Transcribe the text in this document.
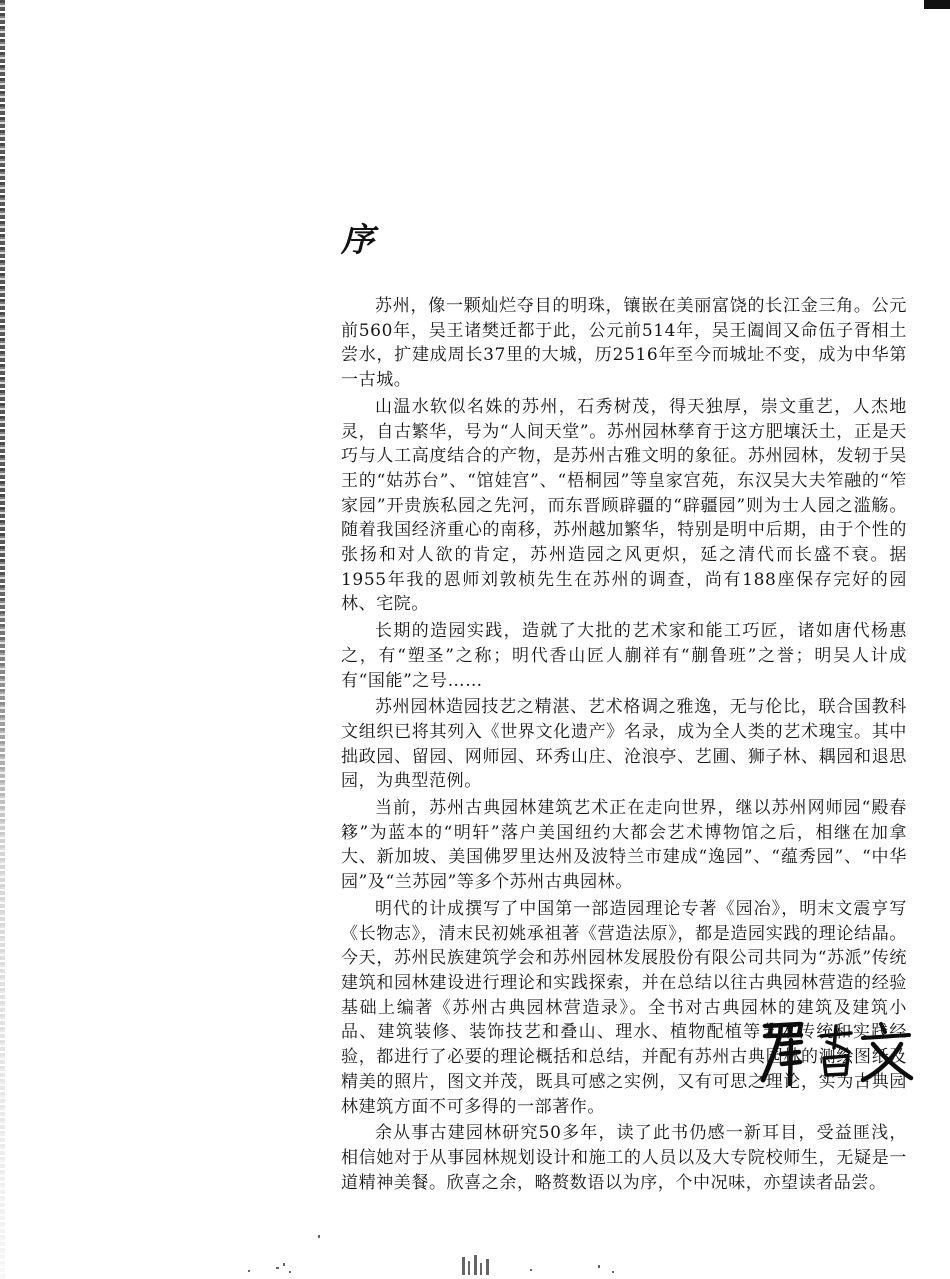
序

苏州，像一颗灿烂夺目的明珠，镶嵌在美丽富饶的长江金三角。公元前560年，吴王诸樊迁都于此，公元前514年，吴王阖闾又命伍子胥相土尝水，扩建成周长37里的大城，历2516年至今而城址不变，成为中华第一古城。

山温水软似名姝的苏州，石秀树茂，得天独厚，崇文重艺，人杰地灵，自古繁华，号为“人间天堂”。苏州园林孳育于这方肥壤沃土，正是天巧与人工高度结合的产物，是苏州古雅文明的象征。苏州园林，发轫于吴王的“姑苏台”、“馆娃宫”、“梧桐园”等皇家宫苑，东汉吴大夫笮融的“笮家园”开贵族私园之先河，而东晋顾辟疆的“辟疆园”则为士人园之滥觞。随着我国经济重心的南移，苏州越加繁华，特别是明中后期，由于个性的张扬和对人欲的肯定，苏州造园之风更炽，延之清代而长盛不衰。据1955年我的恩师刘敦桢先生在苏州的调查，尚有188座保存完好的园林、宅院。

长期的造园实践，造就了大批的艺术家和能工巧匠，诸如唐代杨惠之，有“塑圣”之称；明代香山匠人蒯祥有“蒯鲁班”之誉；明吴人计成有“国能”之号……

苏州园林造园技艺之精湛、艺术格调之雅逸，无与伦比，联合国教科文组织已将其列入《世界文化遗产》名录，成为全人类的艺术瑰宝。其中拙政园、留园、网师园、环秀山庄、沧浪亭、艺圃、狮子林、耦园和退思园，为典型范例。

当前，苏州古典园林建筑艺术正在走向世界，继以苏州网师园“殿春簃”为蓝本的“明轩”落户美国纽约大都会艺术博物馆之后，相继在加拿大、新加坡、美国佛罗里达州及波特兰市建成“逸园”、“蕴秀园”、“中华园”及“兰苏园”等多个苏州古典园林。

明代的计成撰写了中国第一部造园理论专著《园冶》，明末文震亨写《长物志》，清末民初姚承祖著《营造法原》，都是造园实践的理论结晶。今天，苏州民族建筑学会和苏州园林发展股份有限公司共同为“苏派”传统建筑和园林建设进行理论和实践探索，并在总结以往古典园林营造的经验基础上编著《苏州古典园林营造录》。全书对古典园林的建筑及建筑小品、建筑装修、装饰技艺和叠山、理水、植物配植等艺术传统和实践经验，都进行了必要的理论概括和总结，并配有苏州古典园林的测绘图纸及精美的照片，图文并茂，既具可感之实例，又有可思之理论，实为古典园林建筑方面不可多得的一部著作。

余从事古建园林研究50多年，读了此书仍感一新耳目，受益匪浅，相信她对于从事园林规划设计和施工的人员以及大专院校师生，无疑是一道精神美餐。欣喜之余，略赘数语以为序，个中况味，亦望读者品尝。
